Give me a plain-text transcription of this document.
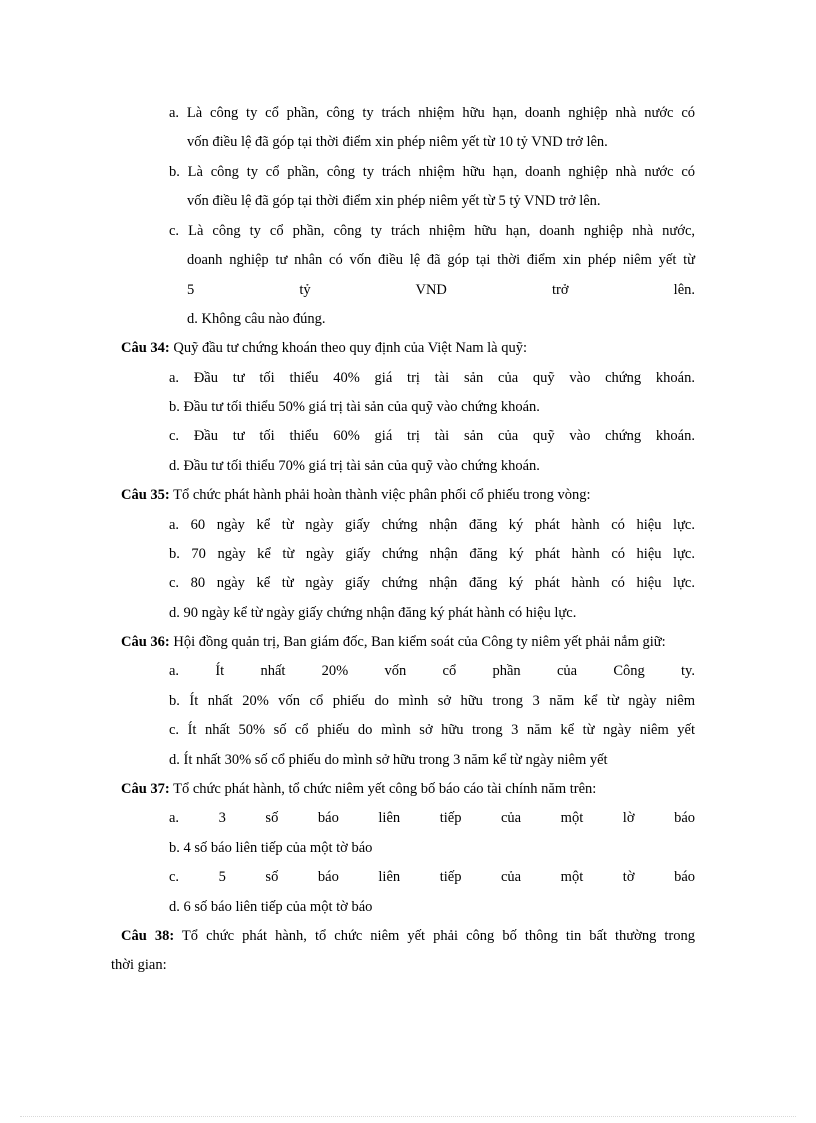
a. Là công ty cổ phần, công ty trách nhiệm hữu hạn, doanh nghiệp nhà nước có
vốn điều lệ đã góp tại thời điểm xin phép niêm yết từ 10 tỷ VND trở lên.
b. Là công ty cổ phần, công ty trách nhiệm hữu hạn, doanh nghiệp nhà nước có
vốn điều lệ đã góp tại thời điểm xin phép niêm yết từ 5 tỷ VND trở lên.
c. Là công ty cổ phần, công ty trách nhiệm hữu hạn, doanh nghiệp nhà nước,
doanh nghiệp tư nhân có vốn điều lệ đã góp tại thời điểm xin phép niêm yết từ
5 tỷ VND trở lên.
d. Không câu nào đúng.
Câu 34: Quỹ đầu tư chứng khoán theo quy định của Việt Nam là quỹ:
a. Đầu tư tối thiểu 40% giá trị tài sản của quỹ vào chứng khoán.
b. Đầu tư tối thiểu 50% giá trị tài sản của quỹ vào chứng khoán.
c. Đầu tư tối thiểu 60% giá trị tài sản của quỹ vào chứng khoán.
d. Đầu tư tối thiểu 70% giá trị tài sản của quỹ vào chứng khoán.
Câu 35: Tổ chức phát hành phải hoàn thành việc phân phối cổ phiếu trong vòng:
a. 60 ngày kể từ ngày giấy chứng nhận đăng ký phát hành có hiệu lực.
b. 70 ngày kể từ ngày giấy chứng nhận đăng ký phát hành có hiệu lực.
c. 80 ngày kể từ ngày giấy chứng nhận đăng ký phát hành có hiệu lực.
d. 90 ngày kể từ ngày giấy chứng nhận đăng ký phát hành có hiệu lực.
Câu 36: Hội đồng quản trị, Ban giám đốc, Ban kiểm soát của Công ty niêm yết phải nắm giữ:
a. Ít nhất 20% vốn cổ phần của Công ty.
b. Ít nhất 20% vốn cổ phiếu do mình sở hữu trong 3 năm kể từ ngày niêm
c. Ít nhất 50% số cổ phiếu do mình sở hữu trong 3 năm kể từ ngày niêm yết
d. Ít nhất 30% số cổ phiếu do mình sở hữu trong 3 năm kể từ ngày niêm yết
Câu 37: Tổ chức phát hành, tổ chức niêm yết công bố báo cáo tài chính năm trên:
a. 3 số báo liên tiếp của một lờ báo
b. 4 số báo liên tiếp của một tờ báo
c. 5 số báo liên tiếp của một tờ báo
d. 6 số báo liên tiếp của một tờ báo
Câu 38: Tổ chức phát hành, tổ chức niêm yết phải công bố thông tin bất thường trong
thời gian:
